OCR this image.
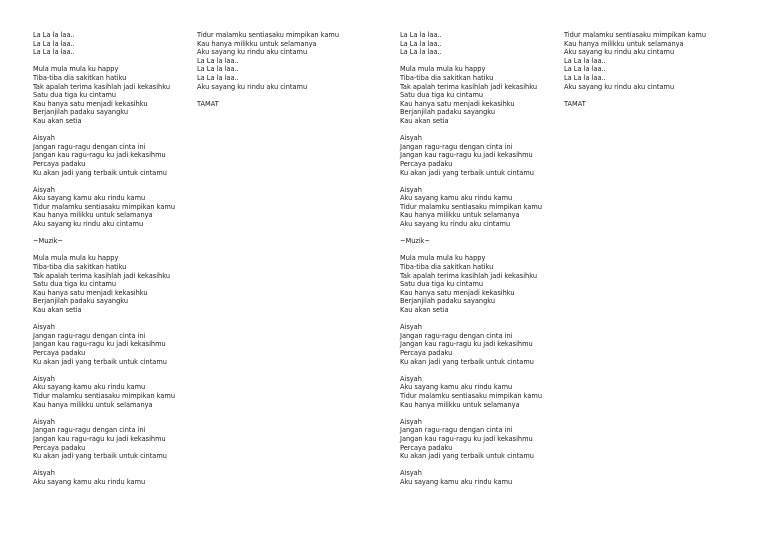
La La la laa..
La La la laa..
La La la laa..
Mula mula mula ku happy
Tiba-tiba dia sakitkan hatiku
Tak apalah terima kasihlah jadi kekasihku
Satu dua tiga ku cintamu
Kau hanya satu menjadi kekasihku
Berjanjilah padaku sayangku
Kau akan setia
Aisyah
Jangan ragu-ragu dengan cinta ini
Jangan kau ragu-ragu ku jadi kekasihmu
Percaya padaku
Ku akan jadi yang terbaik untuk cintamu
Aisyah
Aku sayang kamu aku rindu kamu
Tidur malamku sentiasaku mimpikan kamu
Kau hanya milikku untuk selamanya
Aku sayang ku rindu aku cintamu
~Muzik~
Mula mula mula ku happy
Tiba-tiba dia sakitkan hatiku
Tak apalah terima kasihlah jadi kekasihku
Satu dua tiga ku cintamu
Kau hanya satu menjadi kekasihku
Berjanjilah padaku sayangku
Kau akan setia
Aisyah
Jangan ragu-ragu dengan cinta ini
Jangan kau ragu-ragu ku jadi kekasihmu
Percaya padaku
Ku akan jadi yang terbaik untuk cintamu
Aisyah
Aku sayang kamu aku rindu kamu
Tidur malamku sentiasaku mimpikan kamu
Kau hanya milikku untuk selamanya
Aisyah
Jangan ragu-ragu dengan cinta ini
Jangan kau ragu-ragu ku jadi kekasihmu
Percaya padaku
Ku akan jadi yang terbaik untuk cintamu
Aisyah
Aku sayang kamu aku rindu kamu
Tidur malamku sentiasaku mimpikan kamu
Kau hanya milikku untuk selamanya
Aku sayang ku rindu aku cintamu
La La la laa..
La La la laa..
La La la laa..
Aku sayang ku rindu aku cintamu
TAMAT
La La la laa..
La La la laa..
La La la laa..
Mula mula mula ku happy
Tiba-tiba dia sakitkan hatiku
Tak apalah terima kasihlah jadi kekasihku
Satu dua tiga ku cintamu
Kau hanya satu menjadi kekasihku
Berjanjilah padaku sayangku
Kau akan setia
Aisyah
Jangan ragu-ragu dengan cinta ini
Jangan kau ragu-ragu ku jadi kekasihmu
Percaya padaku
Ku akan jadi yang terbaik untuk cintamu
Aisyah
Aku sayang kamu aku rindu kamu
Tidur malamku sentiasaku mimpikan kamu
Kau hanya milikku untuk selamanya
Aku sayang ku rindu aku cintamu
~Muzik~
Mula mula mula ku happy
Tiba-tiba dia sakitkan hatiku
Tak apalah terima kasihlah jadi kekasihku
Satu dua tiga ku cintamu
Kau hanya satu menjadi kekasihku
Berjanjilah padaku sayangku
Kau akan setia
Aisyah
Jangan ragu-ragu dengan cinta ini
Jangan kau ragu-ragu ku jadi kekasihmu
Percaya padaku
Ku akan jadi yang terbaik untuk cintamu
Aisyah
Aku sayang kamu aku rindu kamu
Tidur malamku sentiasaku mimpikan kamu
Kau hanya milikku untuk selamanya
Aisyah
Jangan ragu-ragu dengan cinta ini
Jangan kau ragu-ragu ku jadi kekasihmu
Percaya padaku
Ku akan jadi yang terbaik untuk cintamu
Aisyah
Aku sayang kamu aku rindu kamu
Tidur malamku sentiasaku mimpikan kamu
Kau hanya milikku untuk selamanya
Aku sayang ku rindu aku cintamu
La La la laa..
La La la laa..
La La la laa..
Aku sayang ku rindu aku cintamu
TAMAT
